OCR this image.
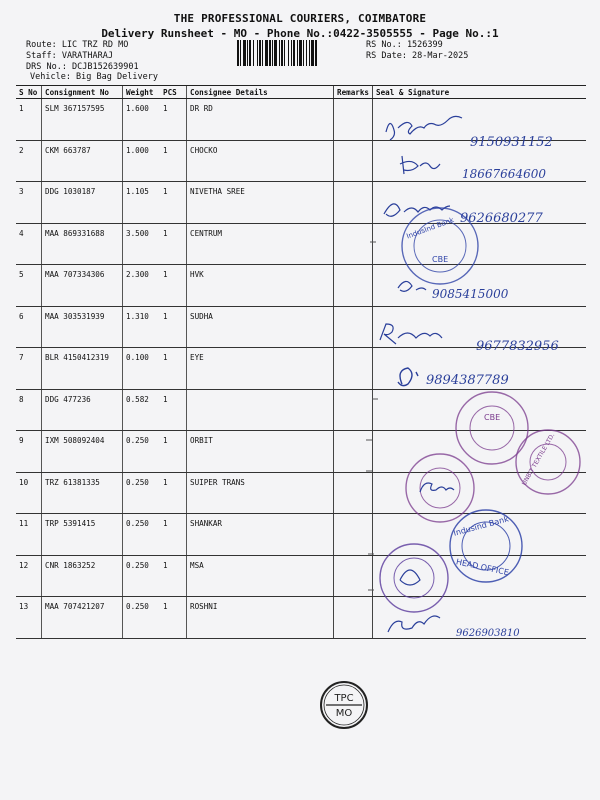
THE PROFESSIONAL COURIERS, COIMBATORE
Delivery Runsheet - MO - Phone No.:0422-3505555 - Page No.:1
Route: LIC TRZ RD MO
Staff: VARATHARAJ
DRS No.: DCJB152639901
Vehicle: Big Bag Delivery
RS No.: 1526399
RS Date: 28-Mar-2025
S No	Consignment No	Weight	PCS	Consignee Details	Remarks	Seal & Signature
1	SLM 367157595	1.600	1	DR RD		
2	CKM 663787	1.000	1	CHOCKO		
3	DDG 1030187	1.105	1	NIVETHA SREE		
4	MAA 869331688	3.500	1	CENTRUM		
5	MAA 707334306	2.300	1	HVK		
6	MAA 303531939	1.310	1	SUDHA		
7	BLR 4150412319	0.100	1	EYE		
8	DDG 477236	0.582	1			
9	IXM 508092404	0.250	1	ORBIT		
10	TRZ 61381335	0.250	1	SUIPER TRANS		
11	TRP 5391415	0.250	1	SHANKAR		
12	CNR 1863252	0.250	1	MSA		
13	MAA 707421207	0.250	1	ROSHNI		
9150931152
18667664600
9626680277
9085415000
9677832956
9894387789
9626903810
IndusInd Bank
CBE
CBE
UNBIT TEXTILE LTD.
Indusind Bank
HEAD OFFICE
TPC
MO
